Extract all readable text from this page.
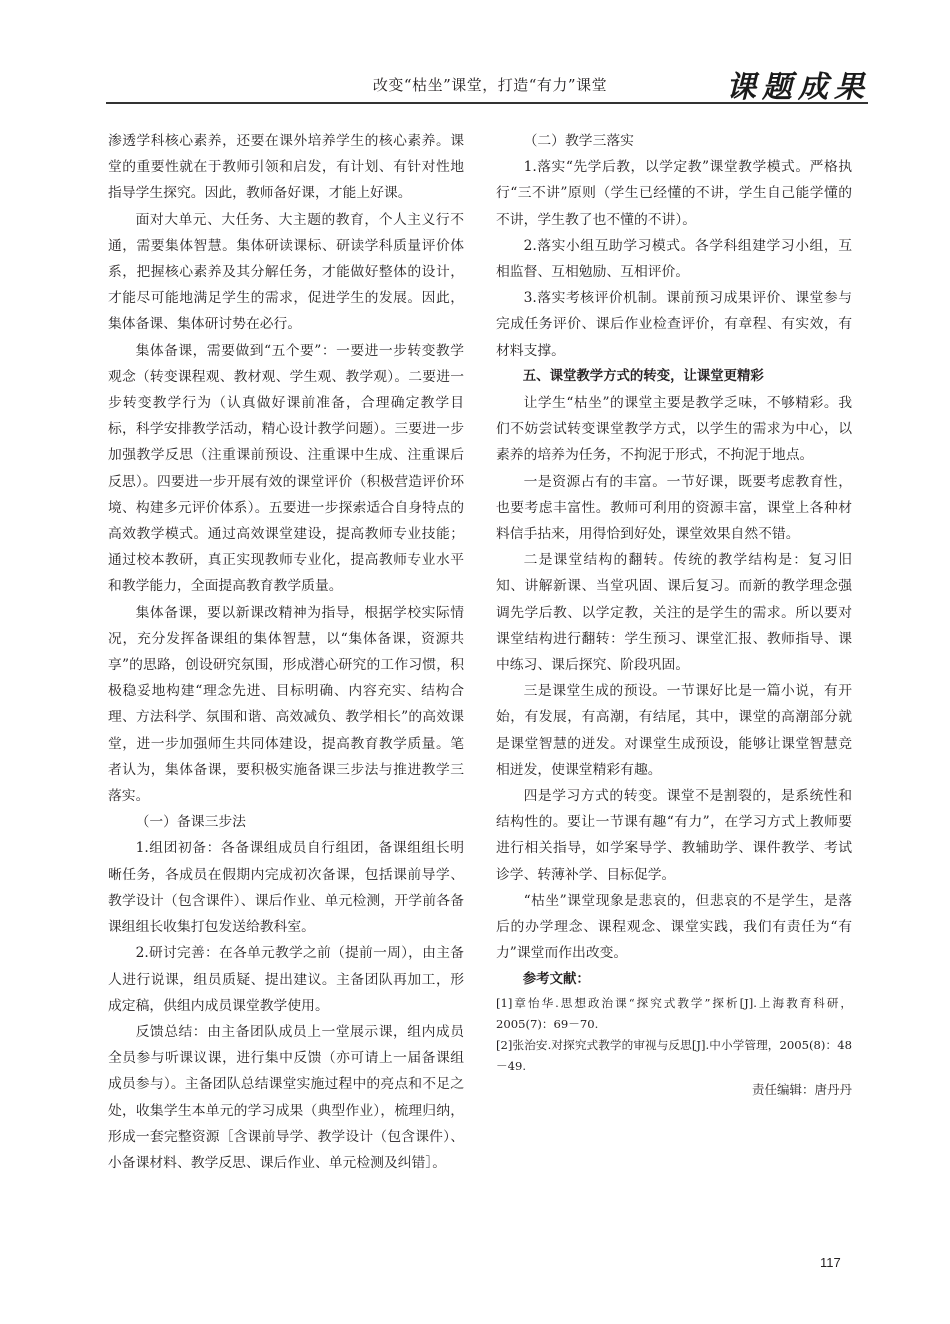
改变“枯坐”课堂，打造“有力”课堂	课题成果

渗透学科核心素养，还要在课外培养学生的核心素养。课堂的重要性就在于教师引领和启发，有计划、有针对性地指导学生探究。因此，教师备好课，才能上好课。

面对大单元、大任务、大主题的教育，个人主义行不通，需要集体智慧。集体研读课标、研读学科质量评价体系，把握核心素养及其分解任务，才能做好整体的设计，才能尽可能地满足学生的需求，促进学生的发展。因此，集体备课、集体研讨势在必行。

集体备课，需要做到“五个要”：一要进一步转变教学观念（转变课程观、教材观、学生观、教学观）。二要进一步转变教学行为（认真做好课前准备，合理确定教学目标，科学安排教学活动，精心设计教学问题）。三要进一步加强教学反思（注重课前预设、注重课中生成、注重课后反思）。四要进一步开展有效的课堂评价（积极营造评价环境、构建多元评价体系）。五要进一步探索适合自身特点的高效教学模式。通过高效课堂建设，提高教师专业技能；通过校本教研，真正实现教师专业化，提高教师专业水平和教学能力，全面提高教育教学质量。

集体备课，要以新课改精神为指导，根据学校实际情况，充分发挥备课组的集体智慧，以“集体备课，资源共享”的思路，创设研究氛围，形成潜心研究的工作习惯，积极稳妥地构建“理念先进、目标明确、内容充实、结构合理、方法科学、氛围和谐、高效减负、教学相长”的高效课堂，进一步加强师生共同体建设，提高教育教学质量。笔者认为，集体备课，要积极实施备课三步法与推进教学三落实。

（一）备课三步法

1.组团初备：各备课组成员自行组团，备课组组长明晰任务，各成员在假期内完成初次备课，包括课前导学、教学设计（包含课件）、课后作业、单元检测，开学前各备课组组长收集打包发送给教科室。

2.研讨完善：在各单元教学之前（提前一周），由主备人进行说课，组员质疑、提出建议。主备团队再加工，形成定稿，供组内成员课堂教学使用。

反馈总结：由主备团队成员上一堂展示课，组内成员全员参与听课议课，进行集中反馈（亦可请上一届备课组成员参与）。主备团队总结课堂实施过程中的亮点和不足之处，收集学生本单元的学习成果（典型作业），梳理归纳，形成一套完整资源［含课前导学、教学设计（包含课件）、小备课材料、教学反思、课后作业、单元检测及纠错］。

（二）教学三落实

1.落实“先学后教，以学定教”课堂教学模式。严格执行“三不讲”原则（学生已经懂的不讲，学生自己能学懂的不讲，学生教了也不懂的不讲）。

2.落实小组互助学习模式。各学科组建学习小组，互相监督、互相勉励、互相评价。

3.落实考核评价机制。课前预习成果评价、课堂参与完成任务评价、课后作业检查评价，有章程、有实效，有材料支撑。

五、课堂教学方式的转变，让课堂更精彩

让学生“枯坐”的课堂主要是教学乏味，不够精彩。我们不妨尝试转变课堂教学方式，以学生的需求为中心，以素养的培养为任务，不拘泥于形式，不拘泥于地点。

一是资源占有的丰富。一节好课，既要考虑教育性，也要考虑丰富性。教师可利用的资源丰富，课堂上各种材料信手拈来，用得恰到好处，课堂效果自然不错。

二是课堂结构的翻转。传统的教学结构是：复习旧知、讲解新课、当堂巩固、课后复习。而新的教学理念强调先学后教、以学定教，关注的是学生的需求。所以要对课堂结构进行翻转：学生预习、课堂汇报、教师指导、课中练习、课后探究、阶段巩固。

三是课堂生成的预设。一节课好比是一篇小说，有开始，有发展，有高潮，有结尾，其中，课堂的高潮部分就是课堂智慧的迸发。对课堂生成预设，能够让课堂智慧竞相迸发，使课堂精彩有趣。

四是学习方式的转变。课堂不是割裂的，是系统性和结构性的。要让一节课有趣“有力”，在学习方式上教师要进行相关指导，如学案导学、教辅助学、课件教学、考试诊学、转薄补学、目标促学。

“枯坐”课堂现象是悲哀的，但悲哀的不是学生，是落后的办学理念、课程观念、课堂实践，我们有责任为“有力”课堂而作出改变。

参考文献：

[1]章怡华.思想政治课“探究式教学”探析[J].上海教育科研，2005(7)：69－70.

[2]张治安.对探究式教学的审视与反思[J].中小学管理，2005(8)：48－49.

责任编辑：唐丹丹

117
